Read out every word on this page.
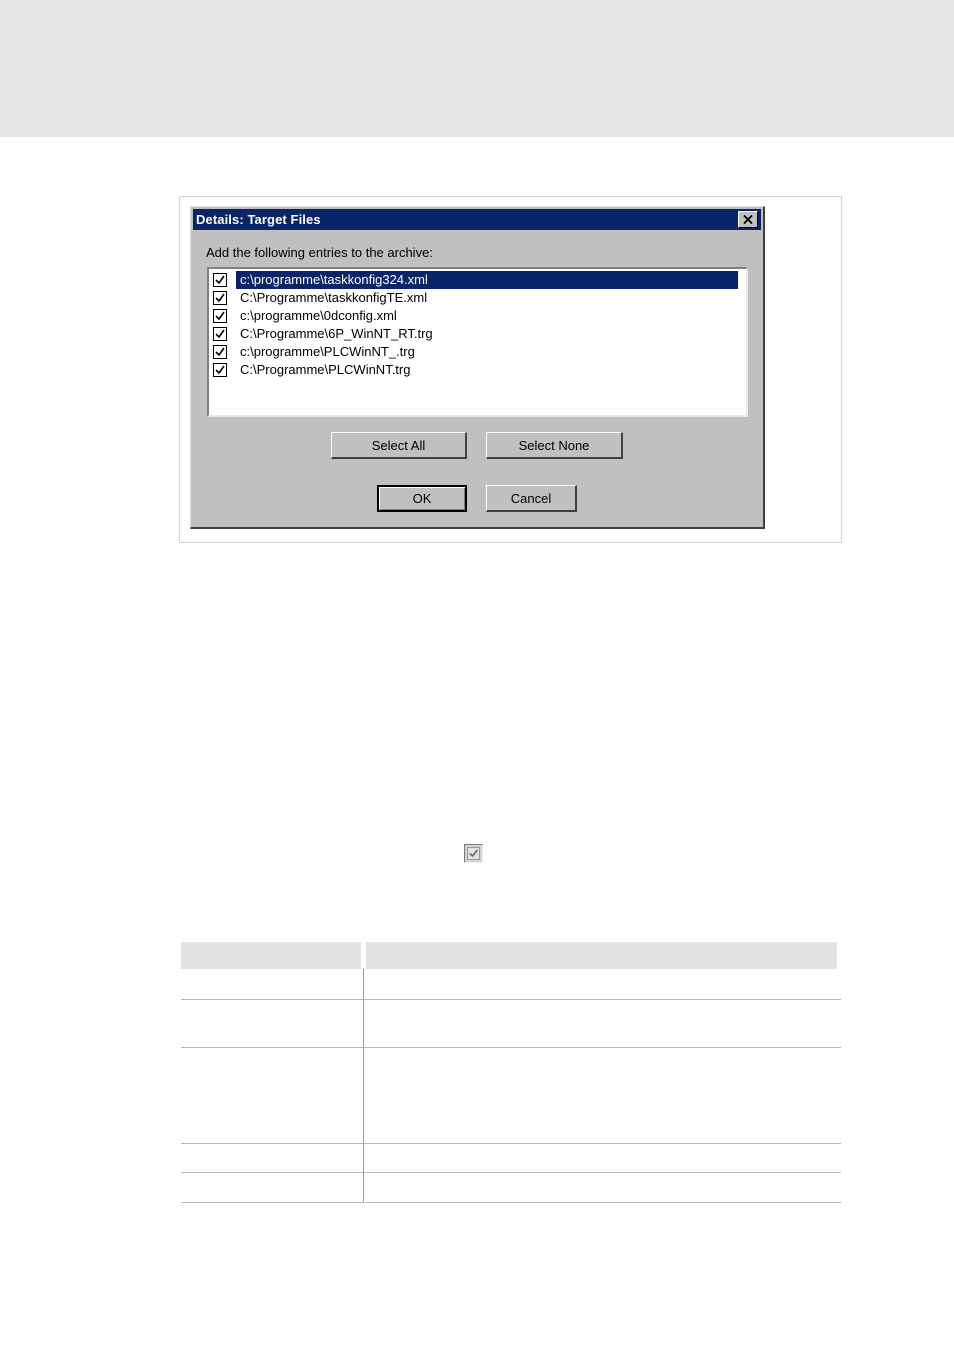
Details: Target Files
Add the following entries to the archive:
c:\programme\taskkonfig324.xml
C:\Programme\taskkonfigTE.xml
c:\programme\0dconfig.xml
C:\Programme\6P_WinNT_RT.trg
c:\programme\PLCWinNT_.trg
C:\Programme\PLCWinNT.trg
Select All	Select None
OK	Cancel
